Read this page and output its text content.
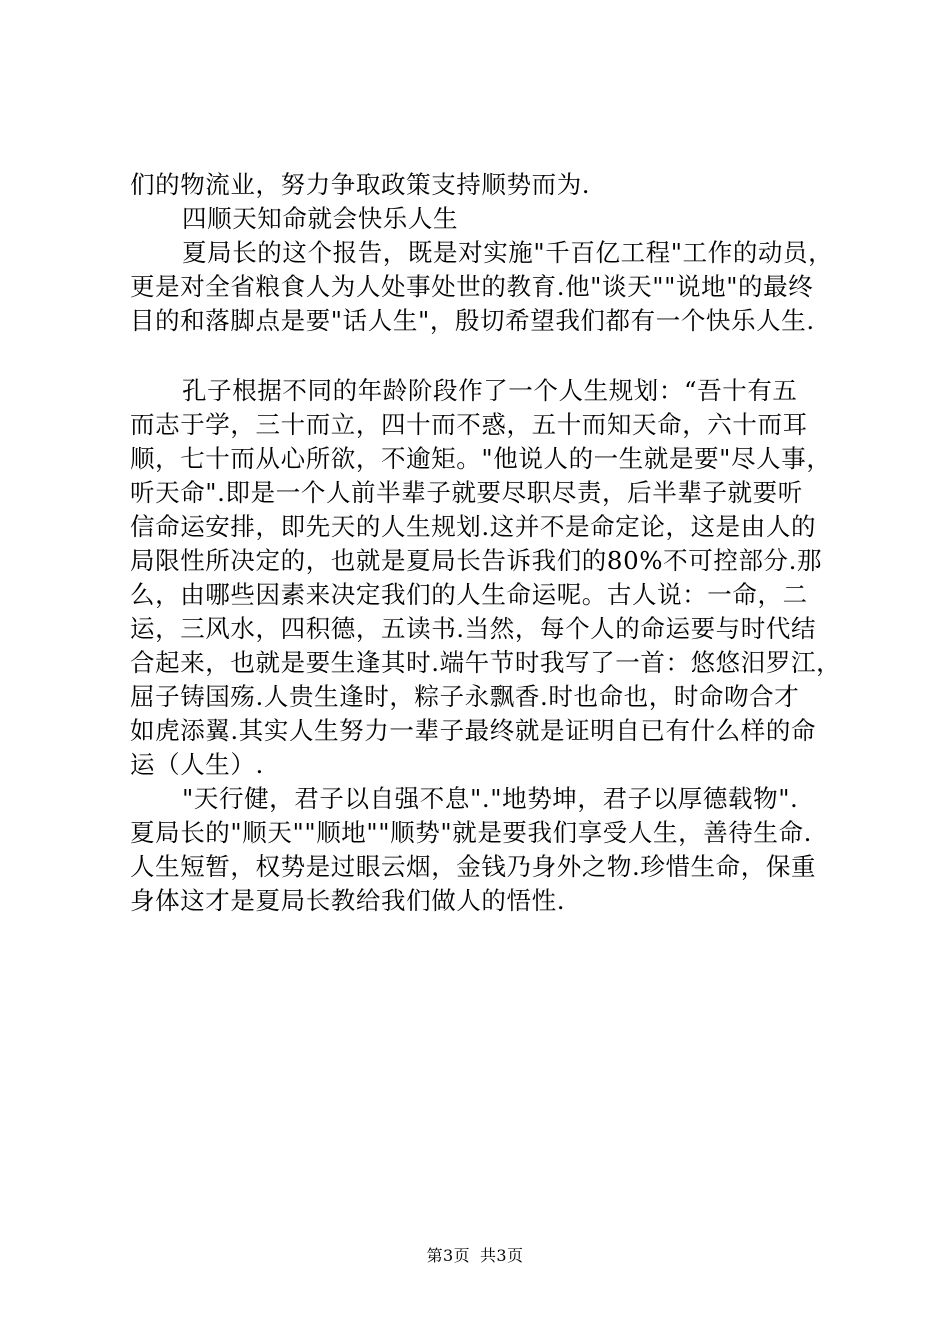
们的物流业，努力争取政策支持顺势而为.
四顺天知命就会快乐人生
夏局长的这个报告，既是对实施"千百亿工程"工作的动员，
更是对全省粮食人为人处事处世的教育.他"谈天""说地"的最终
目的和落脚点是要"话人生"，殷切希望我们都有一个快乐人生.
孔子根据不同的年龄阶段作了一个人生规划：“吾十有五
而志于学，三十而立，四十而不惑，五十而知天命，六十而耳
顺，七十而从心所欲，不逾矩。"他说人的一生就是要"尽人事，
听天命".即是一个人前半辈子就要尽职尽责，后半辈子就要听
信命运安排，即先天的人生规划.这并不是命定论，这是由人的
局限性所决定的，也就是夏局长告诉我们的80%不可控部分.那
么，由哪些因素来决定我们的人生命运呢。古人说：一命，二
运，三风水，四积德，五读书.当然，每个人的命运要与时代结
合起来，也就是要生逢其时.端午节时我写了一首：悠悠汨罗江，
屈子铸国殇.人贵生逢时，粽子永飘香.时也命也，时命吻合才
如虎添翼.其实人生努力一辈子最终就是证明自已有什么样的命
运（人生）.
"天行健，君子以自强不息"."地势坤，君子以厚德载物".
夏局长的"顺天""顺地""顺势"就是要我们享受人生，善待生命.
人生短暂，权势是过眼云烟，金钱乃身外之物.珍惜生命，保重
身体这才是夏局长教给我们做人的悟性.
第3页 共3页
